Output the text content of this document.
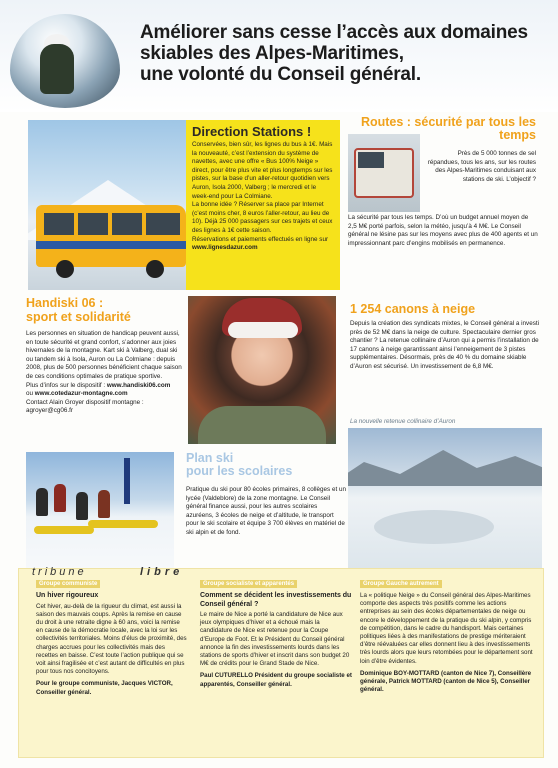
Améliorer sans cesse l’accès aux domaines
skiables des Alpes-Maritimes,
une volonté du Conseil général.
Direction Stations !

Conservées, bien sûr, les lignes du bus à 1€. Mais la nouveauté, c’est l’extension du système de navettes, avec une offre « Bus 100% Neige » direct, pour être plus vite et plus longtemps sur les pistes, sur la base d’un aller-retour quotidien vers Auron, Isola 2000, Valberg ; le mercredi et le week-end pour La Colmiane.

La bonne idée ? Réserver sa place par Internet (c’est moins cher, 8 euros l’aller-retour, au lieu de 10). Déjà 25 000 passagers sur ces trajets et ceux des lignes à 1€ cette saison.

Réservations et paiements effectués en ligne sur www.lignesdazur.com

Routes : sécurité par tous les temps
Près de 5 000 tonnes de sel répandues, tous les ans, sur les routes des Alpes-Maritimes conduisant aux stations de ski. L’objectif ?
La sécurité par tous les temps. D’où un budget annuel moyen de 2,5 M€ porté parfois, selon la météo, jusqu’à 4 M€. Le Conseil général ne lésine pas sur les moyens avec plus de 400 agents et un impressionnant parc d’engins mobilisés en permanence.
Handiski 06 :
sport et solidarité

Les personnes en situation de handicap peuvent aussi, en toute sécurité et grand confort, s’adonner aux joies hivernales de la montagne. Kart ski à Valberg, dual ski ou tandem ski à Isola, Auron ou La Colmiane : depuis 2008, plus de 500 personnes bénéficient chaque saison de ces conditions optimales de pratique sportive.

Plus d’infos sur le dispositif : www.handiski06.com

ou www.cotedazur-montagne.com

Contact Alain Groyer dispositif montagne : agroyer@cg06.fr

1 254 canons à neige
Depuis la création des syndicats mixtes, le Conseil général a investi près de 52 M€ dans la neige de culture. Spectaculaire dernier gros chantier ? La retenue collinaire d’Auron qui a permis l’installation de 17 canons à neige garantissant ainsi l’enneigement de 3 pistes supplémentaires. Désormais, près de 40 % du domaine skiable d’Auron est sécurisé. Un investissement de 6,8 M€.
La nouvelle retenue collinaire d’Auron
Plan ski
pour les scolaires
Pratique du ski pour 80 écoles primaires, 8 collèges et un lycée (Valdeblore) de la zone montagne. Le Conseil général finance aussi, pour les autres scolaires azuréens, 3 écoles de neige et d’altitude, le transport pour le ski scolaire et équipe 3 700 élèves en matériel de ski alpin et de fond.
tribune	libre
Groupe communiste	Groupe socialiste et apparentés	Groupe Gauche autrement
Un hiver rigoureux

Cet hiver, au-delà de la rigueur du climat, est aussi la saison des mauvais coups. Après la remise en cause du droit à une retraite digne à 60 ans, voici la remise en cause de la démocratie locale, avec la loi sur les collectivités territoriales. Moins d’élus de proximité, des charges accrues pour les collectivités mais des recettes en baisse. C’est toute l’action publique qui se voit ainsi fragilisée et c’est autant de difficultés en plus pour tous nos concitoyens.

Pour le groupe communiste, Jacques VICTOR, Conseiller général.

Comment se décident les investissements du Conseil général ?

Le maire de Nice a porté la candidature de Nice aux jeux olympiques d’hiver et a échoué mais la candidature de Nice est retenue pour la Coupe d’Europe de Foot. Et le Président du Conseil général annonce la fin des investissements lourds dans les stations de sports d’hiver et inscrit dans son budget 20 M€ de crédits pour le Grand Stade de Nice.

Paul CUTURELLO Président du groupe socialiste et apparentés, Conseiller général.

La « politique Neige » du Conseil général des Alpes-Maritimes comporte des aspects très positifs comme les actions entreprises au sein des écoles départementales de neige ou encore le développement de la pratique du ski alpin, y compris de compétition, dans le cadre du handisport. Mais certaines politiques liées à des manifestations de prestige mériteraient d’être réévaluées car elles donnent lieu à des investissements très lourds alors que leurs retombées pour le département sont loin d’être évidentes.

Dominique BOY-MOTTARD (canton de Nice 7), Conseillère générale, Patrick MOTTARD (canton de Nice 5), Conseiller général.
